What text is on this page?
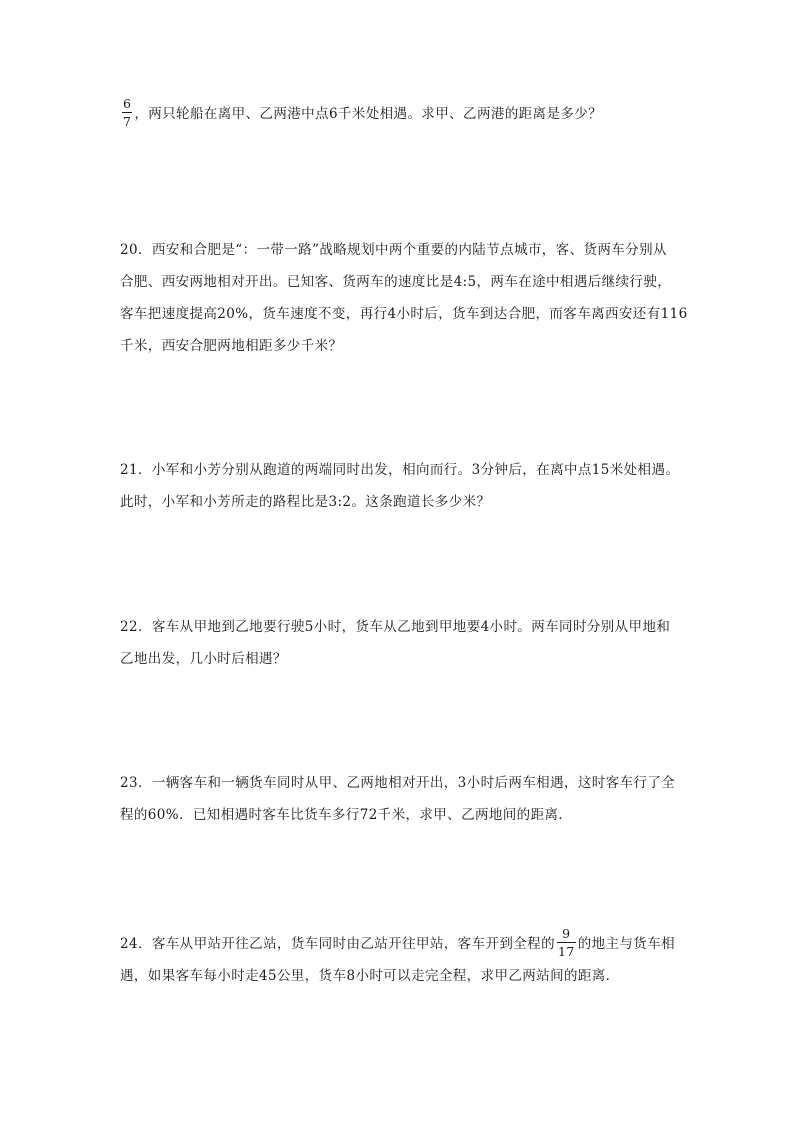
$\frac{6}{7}$ ，两只轮船在离甲、乙两港中点6千米处相遇。求甲、乙两港的距离是多少？
20．西安和合肥是“：一带一路”战略规划中两个重要的内陆节点城市，客、货两车分别从
合肥、西安两地相对开出。已知客、货两车的速度比是4:5，两车在途中相遇后继续行驶，
客车把速度提高20%，货车速度不变，再行4小时后，货车到达合肥，而客车离西安还有116
千米，西安合肥两地相距多少千米？
21．小军和小芳分别从跑道的两端同时出发，相向而行。3分钟后，在离中点15米处相遇。
此时，小军和小芳所走的路程比是3:2。这条跑道长多少米？
22．客车从甲地到乙地要行驶5小时，货车从乙地到甲地要4小时。两车同时分别从甲地和
乙地出发，几小时后相遇？
23．一辆客车和一辆货车同时从甲、乙两地相对开出，3小时后两车相遇，这时客车行了全
程的60%．已知相遇时客车比货车多行72千米，求甲、乙两地间的距离．
24．客车从甲站开往乙站，货车同时由乙站开往甲站，客车开到全程的 $\frac{9}{17}$ 的地主与货车相
遇，如果客车每小时走45公里，货车8小时可以走完全程，求甲乙两站间的距离．
